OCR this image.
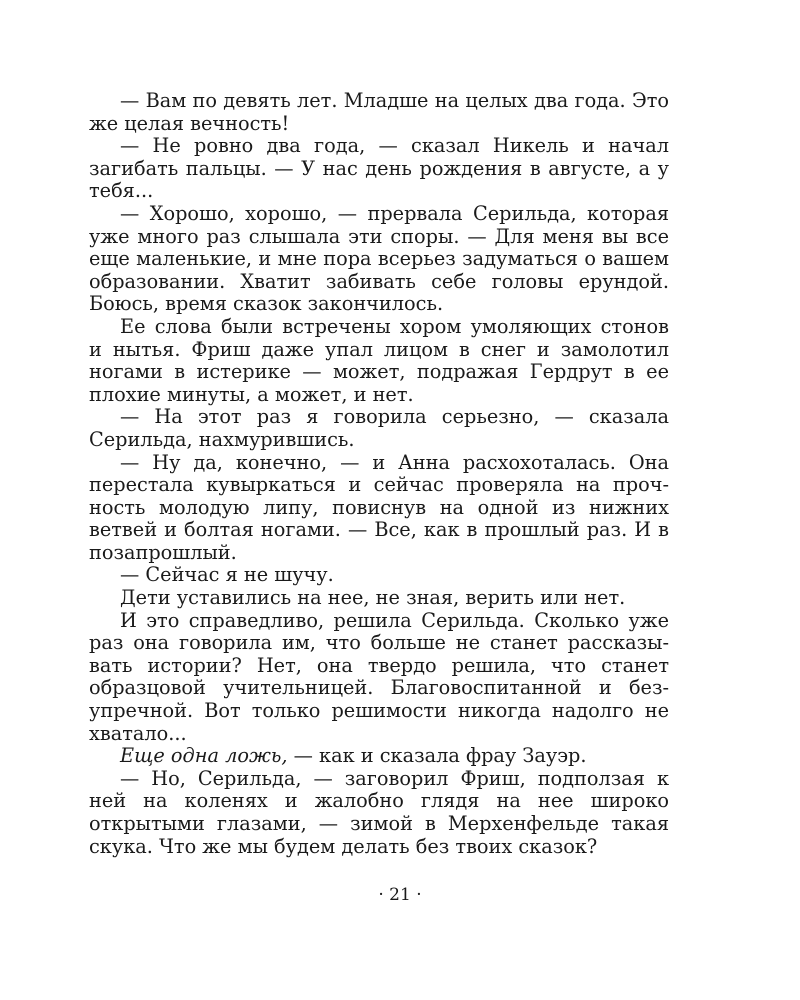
— Вам по девять лет. Младше на целых два года. Это же целая вечность!

— Не ровно два года, — сказал Никель и начал загибать пальцы. — У нас день рождения в августе, а у тебя...

— Хорошо, хорошо, — прервала Серильда, которая уже много раз слышала эти споры. — Для меня вы все еще маленькие, и мне пора всерьез задуматься о вашем образовании. Хватит забивать себе головы ерундой. Боюсь, время сказок закончилось.

Ее слова были встречены хором умоляющих стонов и нытья. Фриш даже упал лицом в снег и замолотил ногами в истерике — может, подражая Гердрут в ее плохие минуты, а может, и нет.

— На этот раз я говорила серьезно, — сказала Серильда, нахмурившись.

— Ну да, конечно, — и Анна расхохоталась. Она перестала кувыркаться и сейчас проверяла на прочность молодую липу, повиснув на одной из нижних ветвей и болтая ногами. — Все, как в прошлый раз. И в позапрошлый.

— Сейчас я не шучу.

Дети уставились на нее, не зная, верить или нет.

И это справедливо, решила Серильда. Сколько уже раз она говорила им, что больше не станет рассказывать истории? Нет, она твердо решила, что станет образцовой учительницей. Благовоспитанной и безупречной. Вот только решимости никогда надолго не хватало...

Еще одна ложь, — как и сказала фрау Зауэр.

— Но, Серильда, — заговорил Фриш, подползая к ней на коленях и жалобно глядя на нее широко открытыми глазами, — зимой в Мерхенфельде такая скука. Что же мы будем делать без твоих сказок?

· 21 ·
